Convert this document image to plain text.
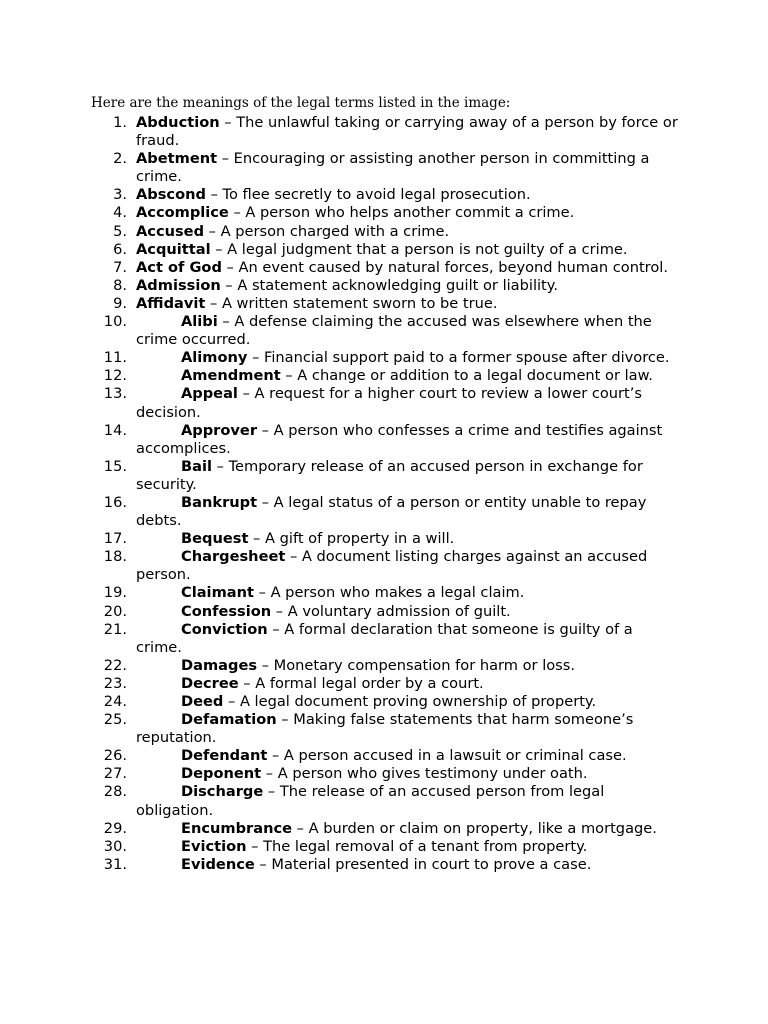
Here are the meanings of the legal terms listed in the image:

1. Abduction – The unlawful taking or carrying away of a person by force or fraud.
2. Abetment – Encouraging or assisting another person in committing a crime.
3. Abscond – To flee secretly to avoid legal prosecution.
4. Accomplice – A person who helps another commit a crime.
5. Accused – A person charged with a crime.
6. Acquittal – A legal judgment that a person is not guilty of a crime.
7. Act of God – An event caused by natural forces, beyond human control.
8. Admission – A statement acknowledging guilt or liability.
9. Affidavit – A written statement sworn to be true.
10.	Alibi – A defense claiming the accused was elsewhere when the crime occurred.
11.	Alimony – Financial support paid to a former spouse after divorce.
12.	Amendment – A change or addition to a legal document or law.
13.	Appeal – A request for a higher court to review a lower court’s decision.
14.	Approver – A person who confesses a crime and testifies against accomplices.
15.	Bail – Temporary release of an accused person in exchange for security.
16.	Bankrupt – A legal status of a person or entity unable to repay debts.
17.	Bequest – A gift of property in a will.
18.	Chargesheet – A document listing charges against an accused person.
19.	Claimant – A person who makes a legal claim.
20.	Confession – A voluntary admission of guilt.
21.	Conviction – A formal declaration that someone is guilty of a crime.
22.	Damages – Monetary compensation for harm or loss.
23.	Decree – A formal legal order by a court.
24.	Deed – A legal document proving ownership of property.
25.	Defamation – Making false statements that harm someone’s reputation.
26.	Defendant – A person accused in a lawsuit or criminal case.
27.	Deponent – A person who gives testimony under oath.
28.	Discharge – The release of an accused person from legal obligation.
29.	Encumbrance – A burden or claim on property, like a mortgage.
30.	Eviction – The legal removal of a tenant from property.
31.	Evidence – Material presented in court to prove a case.
